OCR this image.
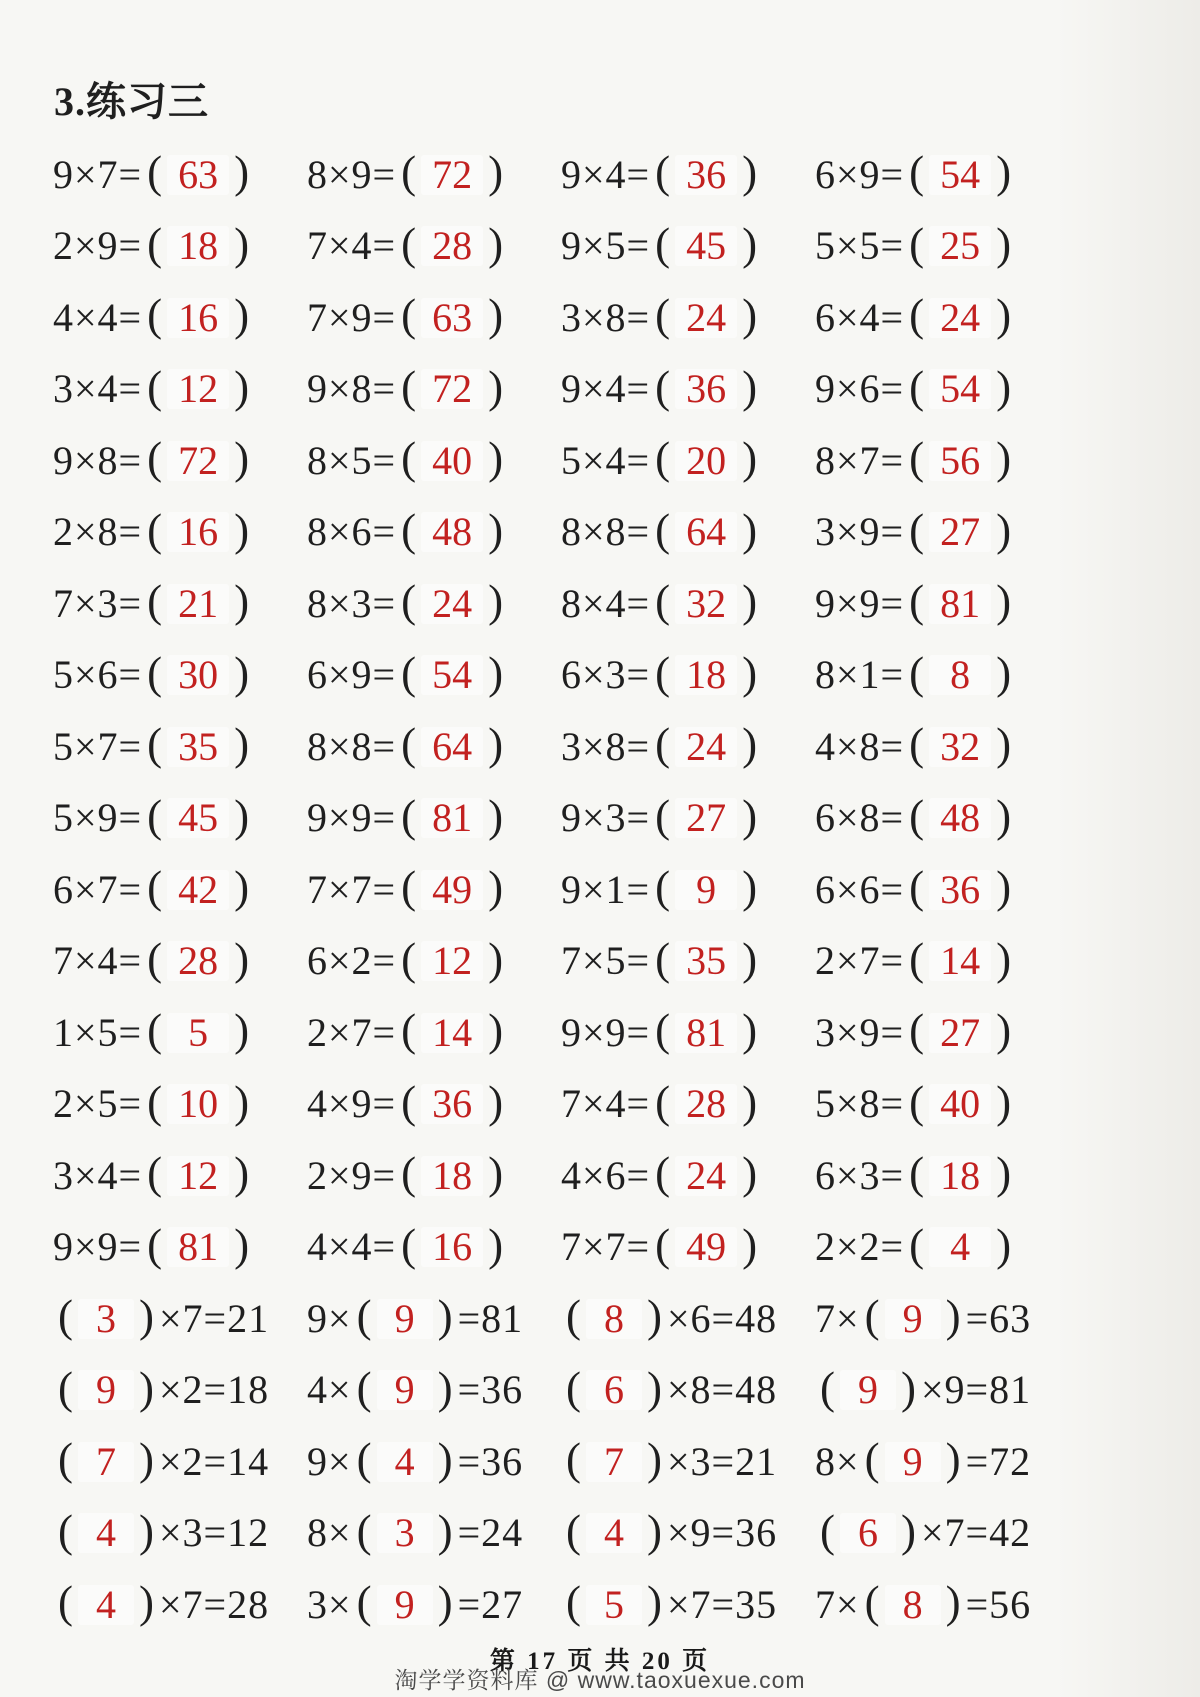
3.练习三
9×7= ( 63 ) 8×9= ( 72 ) 9×4= ( 36 ) 6×9= ( 54 )
2×9= ( 18 ) 7×4= ( 28 ) 9×5= ( 45 ) 5×5= ( 25 )
4×4= ( 16 ) 7×9= ( 63 ) 3×8= ( 24 ) 6×4= ( 24 )
3×4= ( 12 ) 9×8= ( 72 ) 9×4= ( 36 ) 9×6= ( 54 )
9×8= ( 72 ) 8×5= ( 40 ) 5×4= ( 20 ) 8×7= ( 56 )
2×8= ( 16 ) 8×6= ( 48 ) 8×8= ( 64 ) 3×9= ( 27 )
7×3= ( 21 ) 8×3= ( 24 ) 8×4= ( 32 ) 9×9= ( 81 )
5×6= ( 30 ) 6×9= ( 54 ) 6×3= ( 18 ) 8×1= ( 8 )
5×7= ( 35 ) 8×8= ( 64 ) 3×8= ( 24 ) 4×8= ( 32 )
5×9= ( 45 ) 9×9= ( 81 ) 9×3= ( 27 ) 6×8= ( 48 )
6×7= ( 42 ) 7×7= ( 49 ) 9×1= ( 9 ) 6×6= ( 36 )
7×4= ( 28 ) 6×2= ( 12 ) 7×5= ( 35 ) 2×7= ( 14 )
1×5= ( 5 ) 2×7= ( 14 ) 9×9= ( 81 ) 3×9= ( 27 )
2×5= ( 10 ) 4×9= ( 36 ) 7×4= ( 28 ) 5×8= ( 40 )
3×4= ( 12 ) 2×9= ( 18 ) 4×6= ( 24 ) 6×3= ( 18 )
9×9= ( 81 ) 4×4= ( 16 ) 7×7= ( 49 ) 2×2= ( 4 )
( 3 ) ×7=21 9× ( 9 ) =81 ( 8 ) ×6=48 7× ( 9 ) =63
( 9 ) ×2=18 4× ( 9 ) =36 ( 6 ) ×8=48 ( 9 ) ×9=81
( 7 ) ×2=14 9× ( 4 ) =36 ( 7 ) ×3=21 8× ( 9 ) =72
( 4 ) ×3=12 8× ( 3 ) =24 ( 4 ) ×9=36 ( 6 ) ×7=42
( 4 ) ×7=28 3× ( 9 ) =27 ( 5 ) ×7=35 7× ( 8 ) =56
第 17 页 共 20 页
淘学学资料库 @ www.taoxuexue.com
